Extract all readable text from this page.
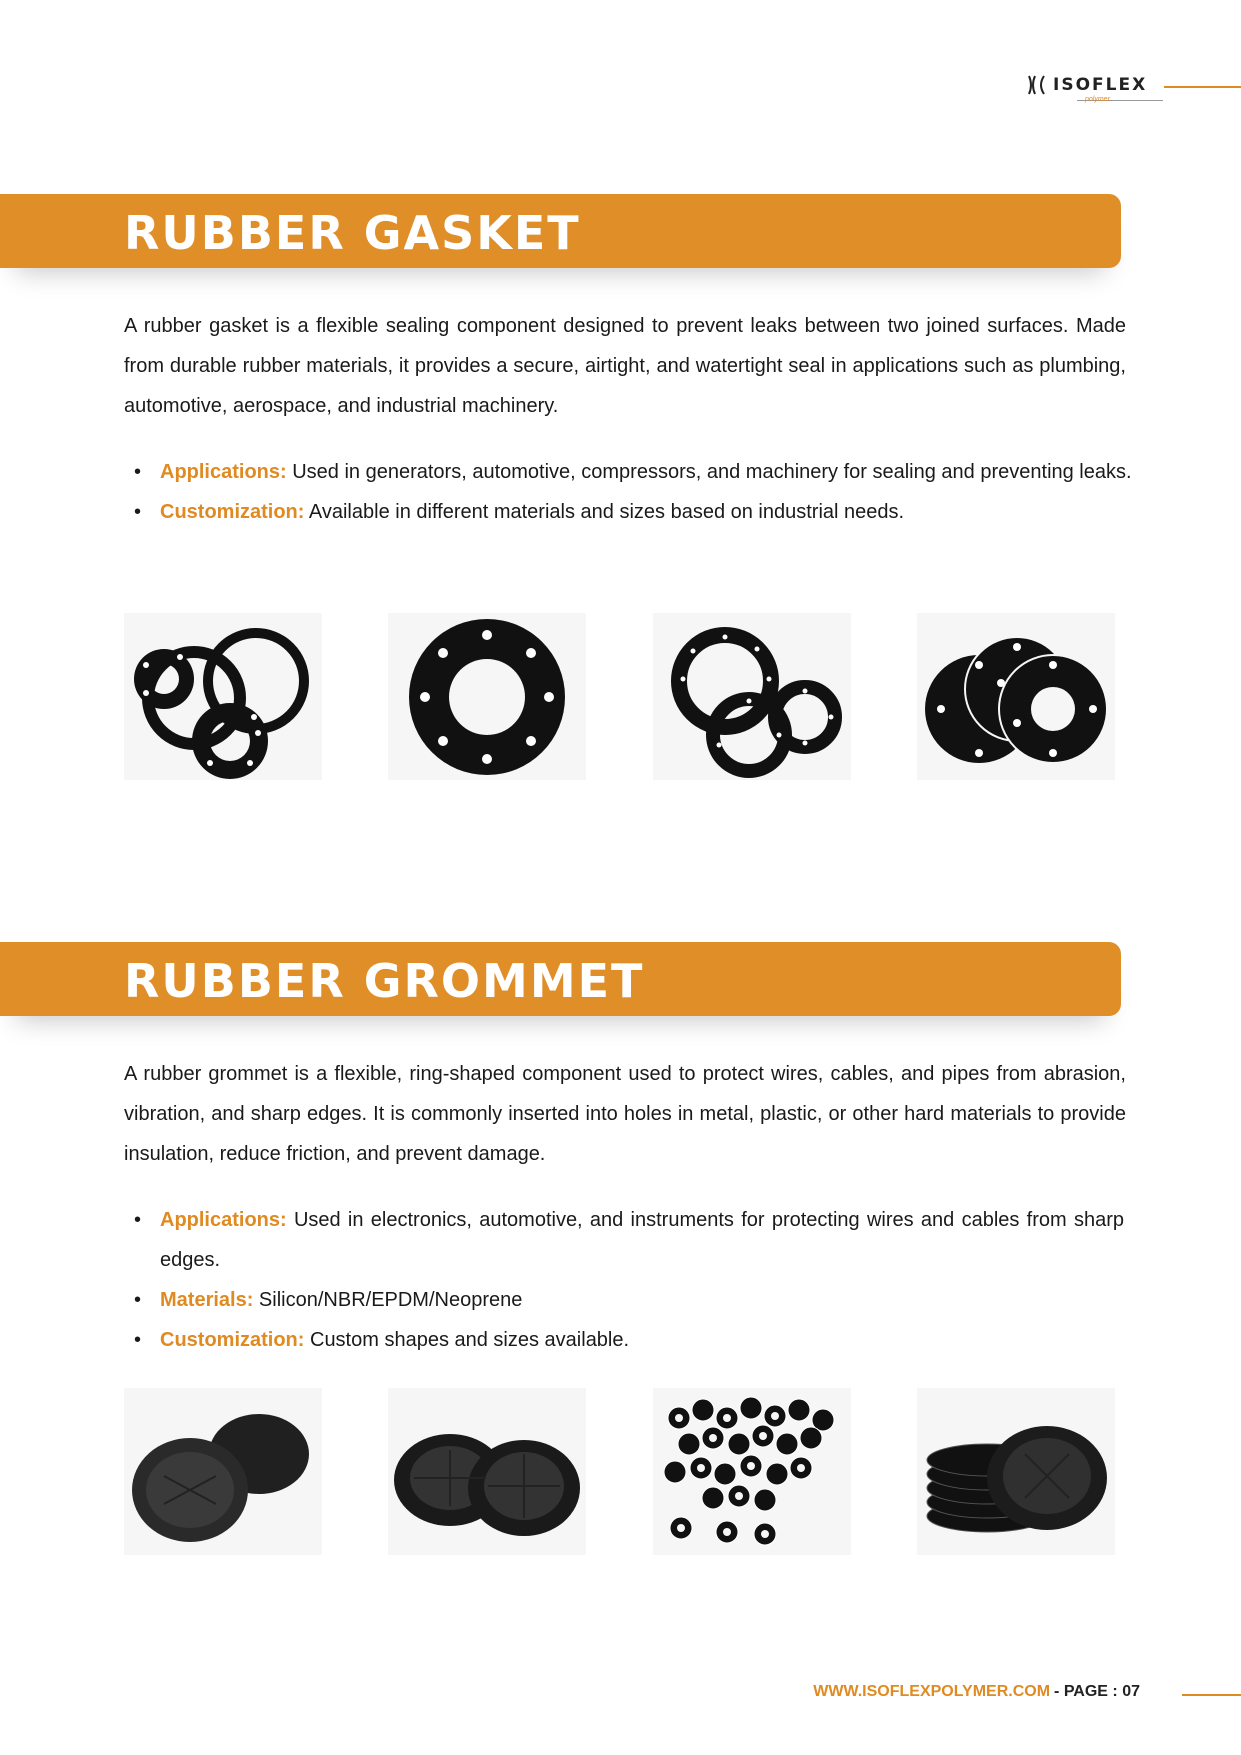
ISOFLEX
polymer
RUBBER GASKET

A rubber gasket is a flexible sealing component designed to prevent leaks between two joined surfaces. Made from durable rubber materials, it provides a secure, airtight, and watertight seal in applications such as plumbing, automotive, aerospace, and industrial machinery.

• Applications: Used in generators, automotive, compressors, and machinery for sealing and preventing leaks.
• Customization: Available in different materials and sizes based on industrial needs.
RUBBER GROMMET

A rubber grommet is a flexible, ring-shaped component used to protect wires, cables, and pipes from abrasion, vibration, and sharp edges. It is commonly inserted into holes in metal, plastic, or other hard materials to provide insulation, reduce friction, and prevent damage.

• Applications: Used in electronics, automotive, and instruments for protecting wires and cables from sharp edges.
• Materials: Silicon/NBR/EPDM/Neoprene
• Customization: Custom shapes and sizes available.
WWW.ISOFLEXPOLYMER.COM - PAGE : 07
